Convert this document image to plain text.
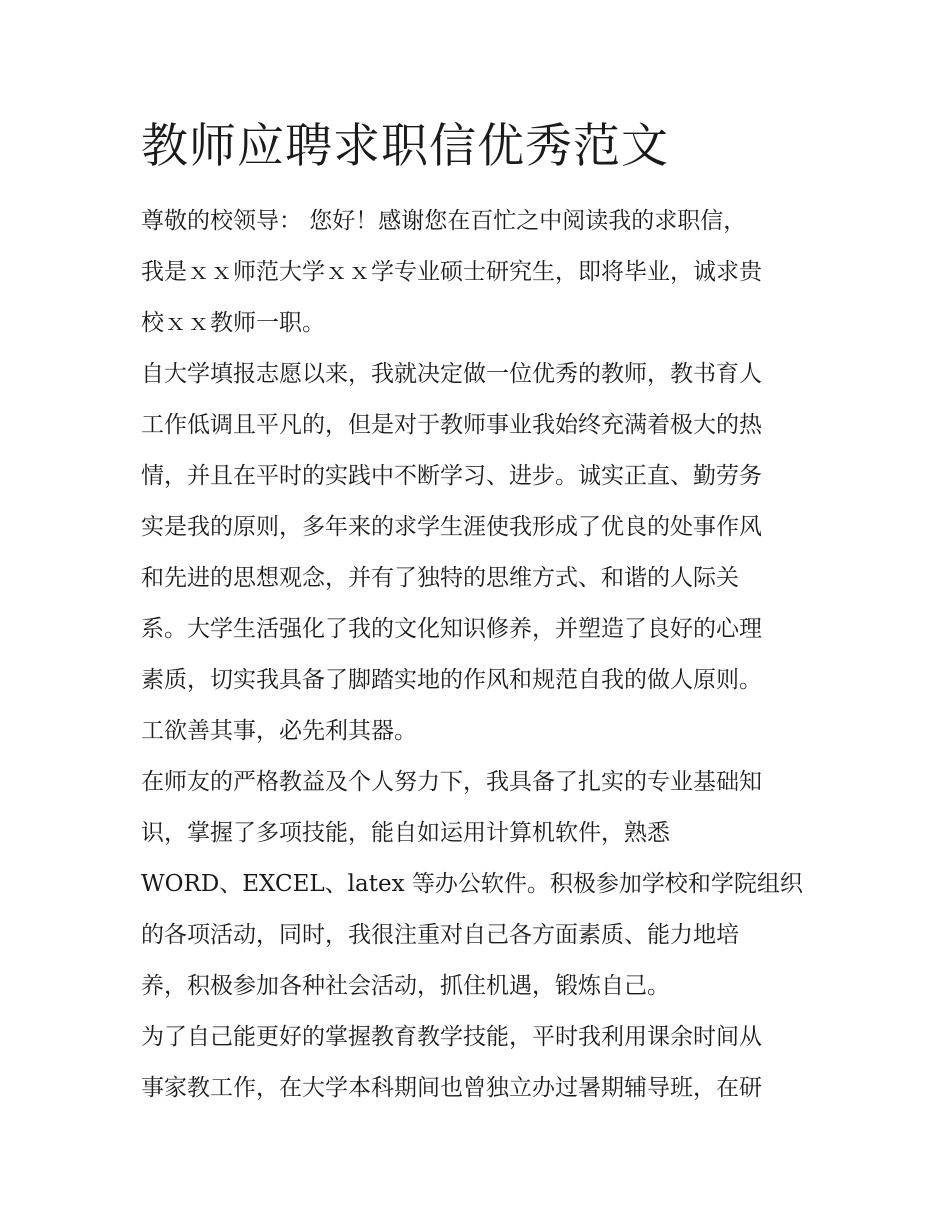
教师应聘求职信优秀范文

尊敬的校领导： 您好！感谢您在百忙之中阅读我的求职信，
我是ｘｘ师范大学ｘｘ学专业硕士研究生，即将毕业，诚求贵
校ｘｘ教师一职。

自大学填报志愿以来，我就决定做一位优秀的教师，教书育人
工作低调且平凡的，但是对于教师事业我始终充满着极大的热
情，并且在平时的实践中不断学习、进步。诚实正直、勤劳务
实是我的原则，多年来的求学生涯使我形成了优良的处事作风
和先进的思想观念，并有了独特的思维方式、和谐的人际关
系。大学生活强化了我的文化知识修养，并塑造了良好的心理
素质，切实我具备了脚踏实地的作风和规范自我的做人原则。
工欲善其事，必先利其器。

在师友的严格教益及个人努力下，我具备了扎实的专业基础知
识，掌握了多项技能，能自如运用计算机软件，熟悉
WORD、EXCEL、latex 等办公软件。积极参加学校和学院组织
的各项活动，同时，我很注重对自己各方面素质、能力地培
养，积极参加各种社会活动，抓住机遇，锻炼自己。

为了自己能更好的掌握教育教学技能，平时我利用课余时间从
事家教工作，在大学本科期间也曾独立办过暑期辅导班，在研
